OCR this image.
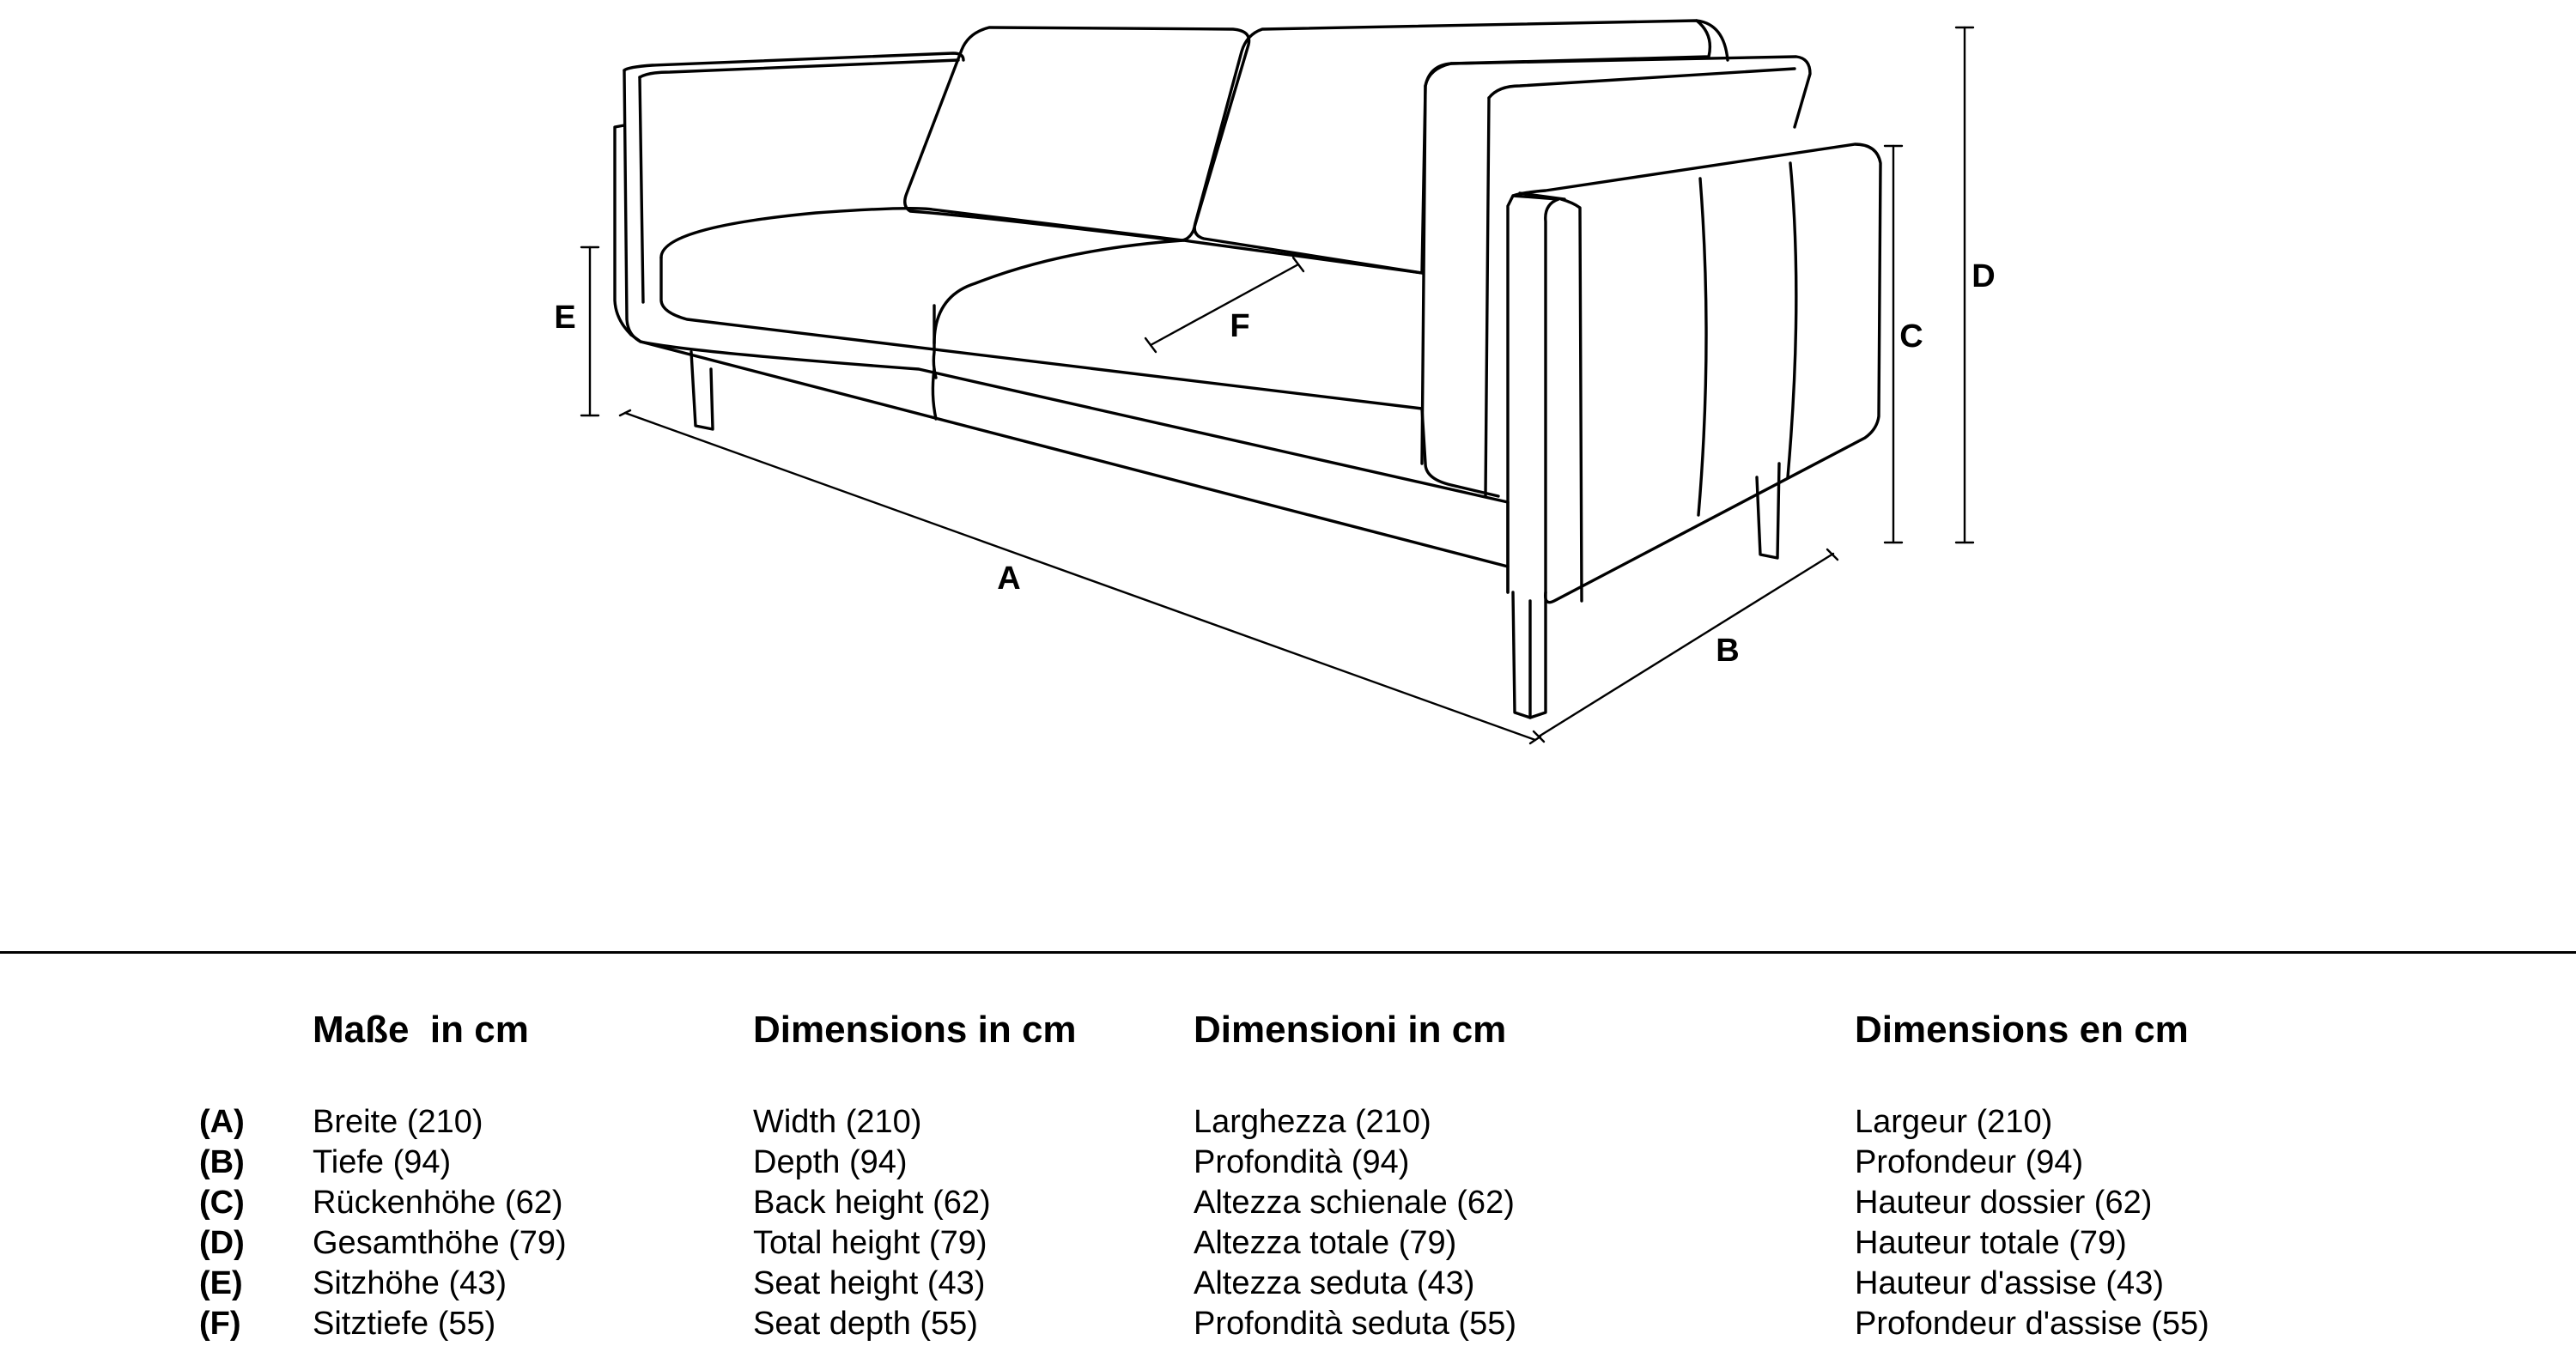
A
B
C
D
E	F
(A)
(B)
(C)
(D)
(E)
(F)
Maße  in cm
Breite (210)
Tiefe (94)
Rückenhöhe (62)
Gesamthöhe (79)
Sitzhöhe (43)
Sitztiefe (55)
Dimensions in cm
Width (210)
Depth (94)
Back height (62)
Total height (79)
Seat height (43)
Seat depth (55)
Dimensioni in cm
Larghezza (210)
Profondità (94)
Altezza schienale (62)
Altezza totale (79)
Altezza seduta (43)
Profondità seduta (55)
Dimensions en cm
Largeur (210)
Profondeur (94)
Hauteur dossier (62)
Hauteur totale (79)
Hauteur d'assise (43)
Profondeur d'assise (55)
